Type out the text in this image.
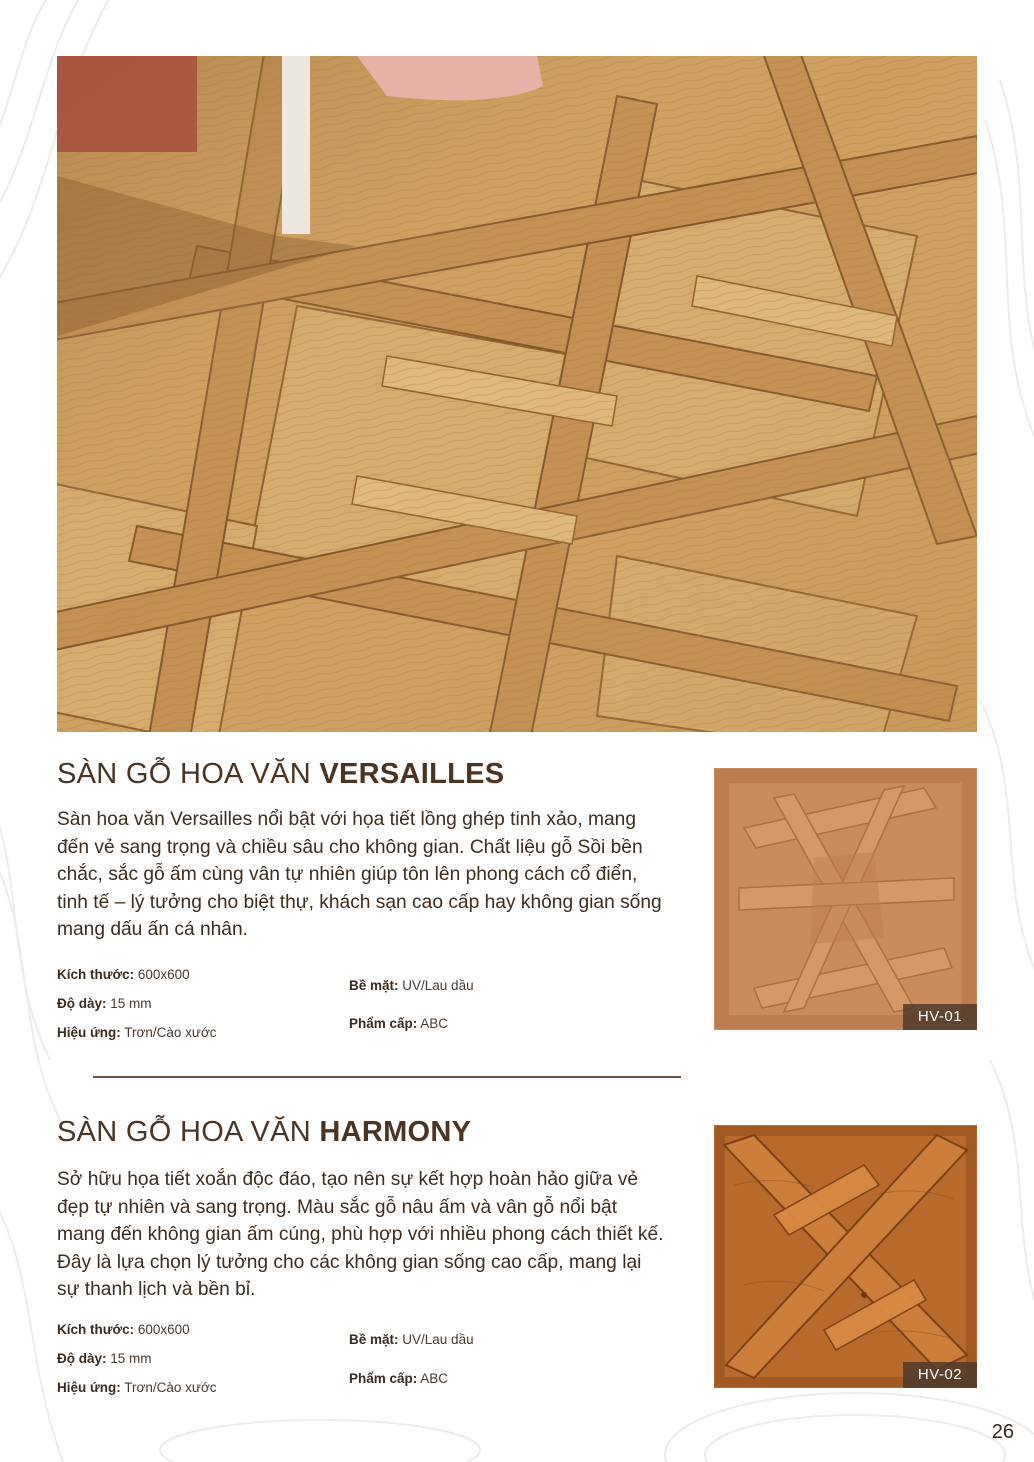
SÀN GỖ HOA VĂN VERSAILLES

Sàn hoa văn Versailles nổi bật với họa tiết lồng ghép tinh xảo, mang đến vẻ sang trọng và chiều sâu cho không gian. Chất liệu gỗ Sồi bền chắc, sắc gỗ ấm cùng vân tự nhiên giúp tôn lên phong cách cổ điển, tinh tế – lý tưởng cho biệt thự, khách sạn cao cấp hay không gian sống mang dấu ấn cá nhân.

Kích thước: 600x600
Độ dày: 15 mm
Hiệu ứng: Trơn/Cào xước
Bề mặt: UV/Lau dầu
Phẩm cấp: ABC	HV-01
SÀN GỖ HOA VĂN HARMONY

Sở hữu họa tiết xoắn độc đáo, tạo nên sự kết hợp hoàn hảo giữa vẻ đẹp tự nhiên và sang trọng. Màu sắc gỗ nâu ấm và vân gỗ nổi bật mang đến không gian ấm cúng, phù hợp với nhiều phong cách thiết kế. Đây là lựa chọn lý tưởng cho các không gian sống cao cấp, mang lại sự thanh lịch và bền bỉ.

Kích thước: 600x600
Độ dày: 15 mm
Hiệu ứng: Trơn/Cào xước
Bề mặt: UV/Lau dầu
Phẩm cấp: ABC	HV-02
26
